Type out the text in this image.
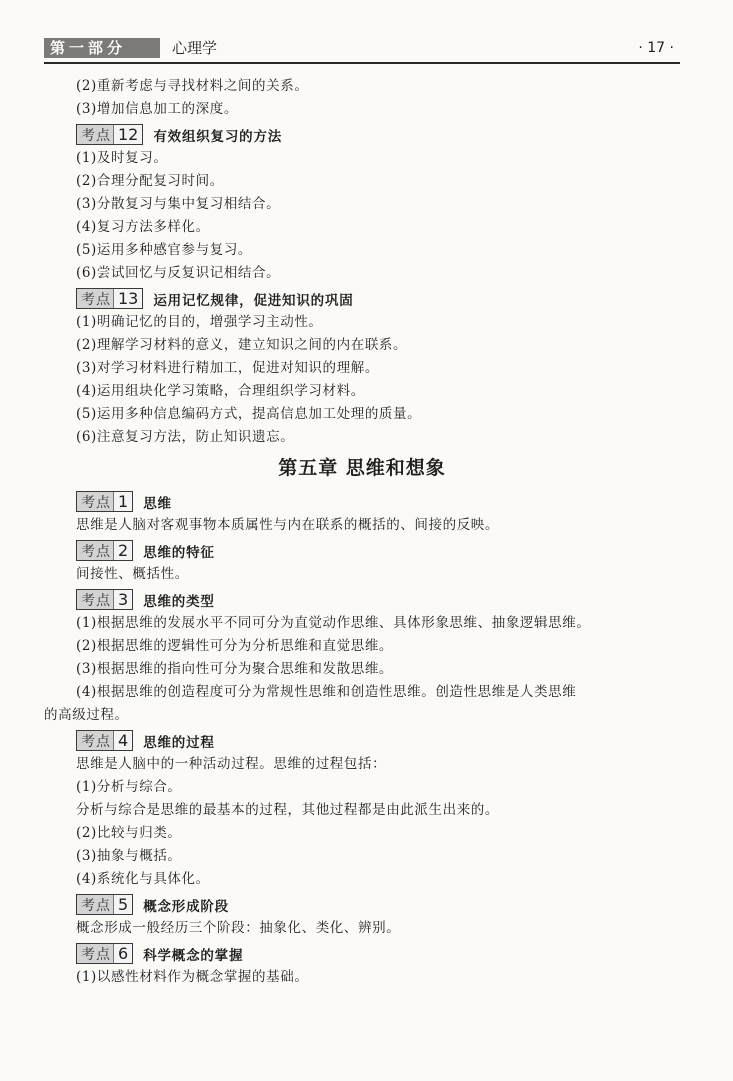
第一部分	心理学	· 17 ·
(2)重新考虑与寻找材料之间的关系。
(3)增加信息加工的深度。
考点 12 有效组织复习的方法
(1)及时复习。
(2)合理分配复习时间。
(3)分散复习与集中复习相结合。
(4)复习方法多样化。
(5)运用多种感官参与复习。
(6)尝试回忆与反复识记相结合。
考点 13 运用记忆规律，促进知识的巩固
(1)明确记忆的目的，增强学习主动性。
(2)理解学习材料的意义，建立知识之间的内在联系。
(3)对学习材料进行精加工，促进对知识的理解。
(4)运用组块化学习策略，合理组织学习材料。
(5)运用多种信息编码方式，提高信息加工处理的质量。
(6)注意复习方法，防止知识遗忘。
第五章 思维和想象
考点 1 思维
思维是人脑对客观事物本质属性与内在联系的概括的、间接的反映。
考点 2 思维的特征
间接性、概括性。
考点 3 思维的类型
(1)根据思维的发展水平不同可分为直觉动作思维、具体形象思维、抽象逻辑思维。
(2)根据思维的逻辑性可分为分析思维和直觉思维。
(3)根据思维的指向性可分为聚合思维和发散思维。
(4)根据思维的创造程度可分为常规性思维和创造性思维。创造性思维是人类思维
的高级过程。
考点 4 思维的过程
思维是人脑中的一种活动过程。思维的过程包括：
(1)分析与综合。
分析与综合是思维的最基本的过程，其他过程都是由此派生出来的。
(2)比较与归类。
(3)抽象与概括。
(4)系统化与具体化。
考点 5 概念形成阶段
概念形成一般经历三个阶段：抽象化、类化、辨别。
考点 6 科学概念的掌握
(1)以感性材料作为概念掌握的基础。
